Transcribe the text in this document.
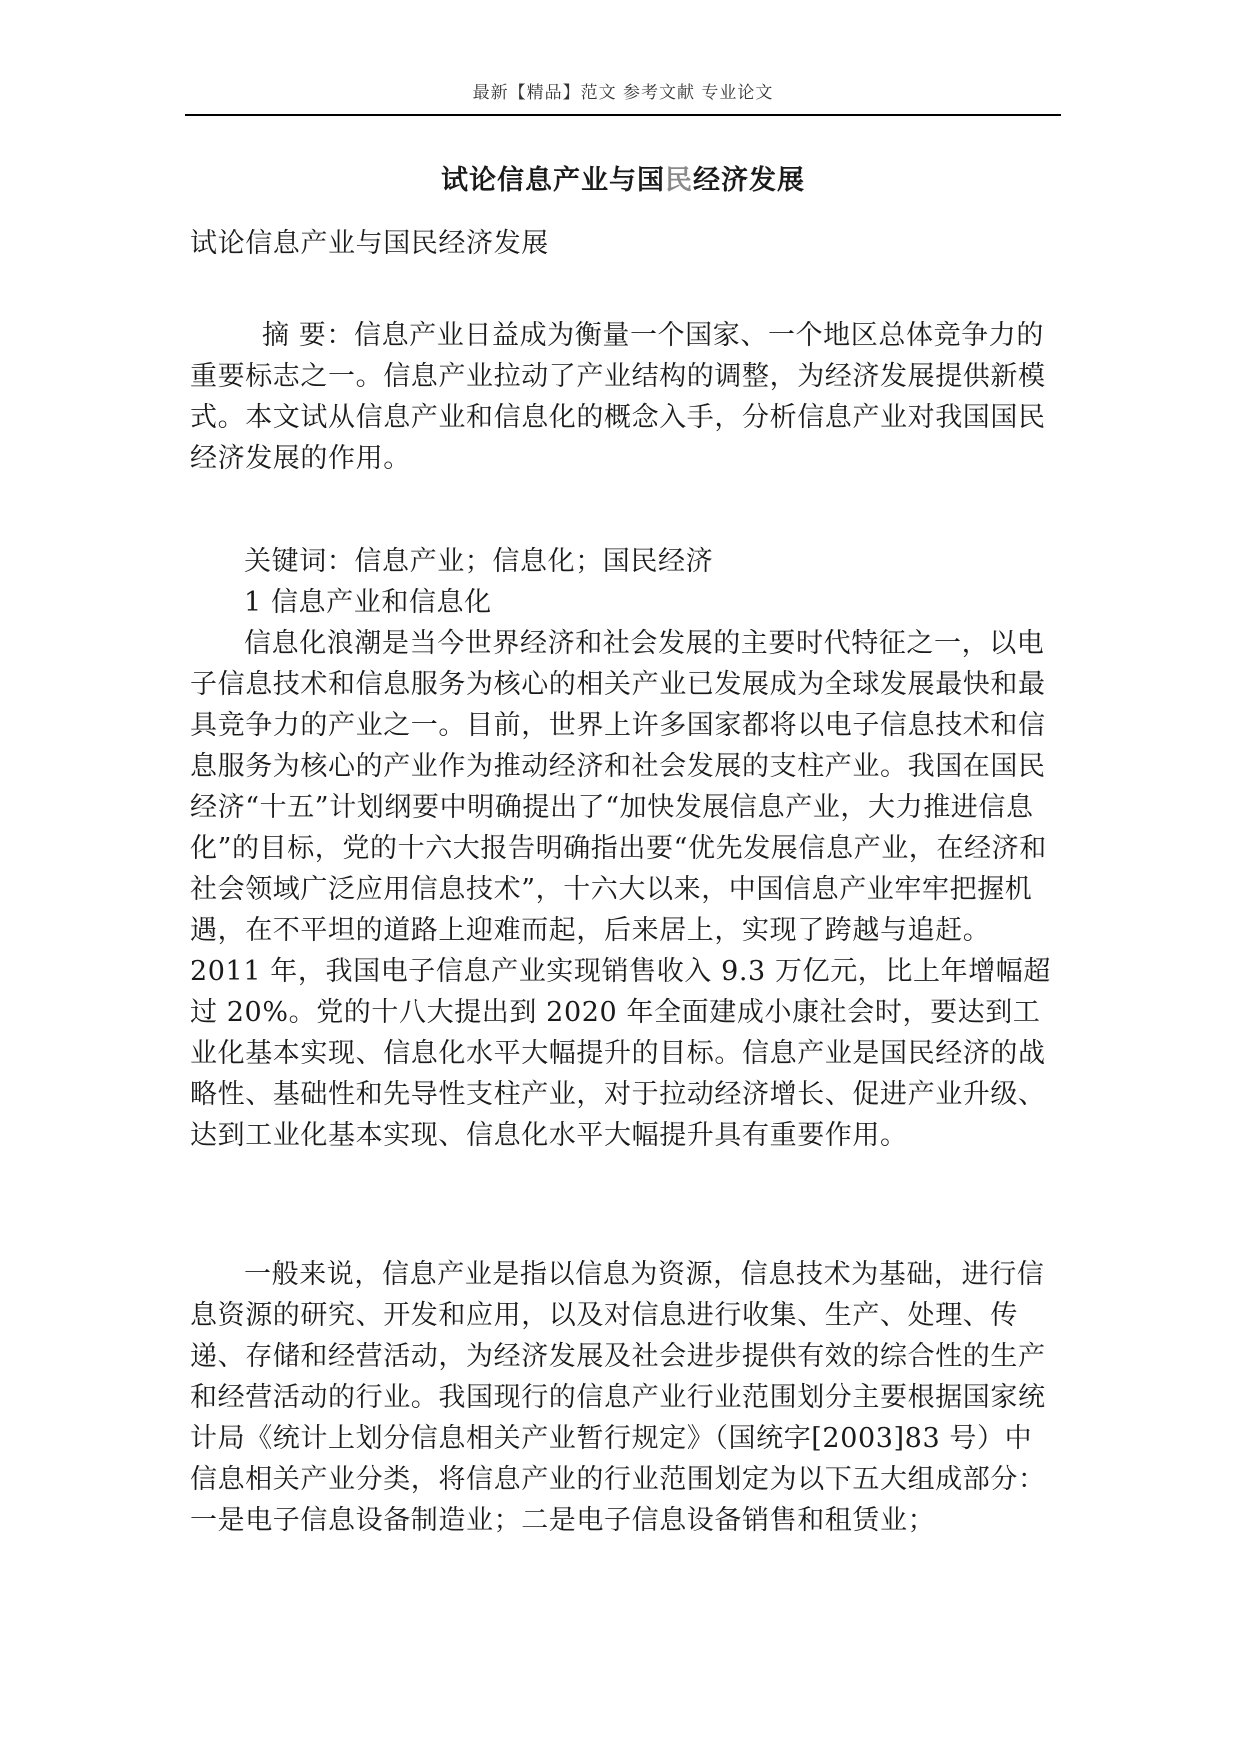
最新【精品】范文 参考文献 专业论文
试论信息产业与国民经济发展

试论信息产业与国民经济发展

摘 要：信息产业日益成为衡量一个国家、一个地区总体竞争力的重要标志之一。信息产业拉动了产业结构的调整，为经济发展提供新模式。本文试从信息产业和信息化的概念入手，分析信息产业对我国国民经济发展的作用。

关键词：信息产业；信息化；国民经济

1 信息产业和信息化

信息化浪潮是当今世界经济和社会发展的主要时代特征之一，以电子信息技术和信息服务为核心的相关产业已发展成为全球发展最快和最具竞争力的产业之一。目前，世界上许多国家都将以电子信息技术和信息服务为核心的产业作为推动经济和社会发展的支柱产业。我国在国民经济“十五”计划纲要中明确提出了“加快发展信息产业，大力推进信息化”的目标，党的十六大报告明确指出要“优先发展信息产业，在经济和社会领域广泛应用信息技术”，十六大以来，中国信息产业牢牢把握机遇，在不平坦的道路上迎难而起，后来居上，实现了跨越与追赶。2011 年，我国电子信息产业实现销售收入 9.3 万亿元，比上年增幅超过 20%。党的十八大提出到 2020 年全面建成小康社会时，要达到工业化基本实现、信息化水平大幅提升的目标。信息产业是国民经济的战略性、基础性和先导性支柱产业，对于拉动经济增长、促进产业升级、达到工业化基本实现、信息化水平大幅提升具有重要作用。

一般来说，信息产业是指以信息为资源，信息技术为基础，进行信息资源的研究、开发和应用，以及对信息进行收集、生产、处理、传递、存储和经营活动，为经济发展及社会进步提供有效的综合性的生产和经营活动的行业。我国现行的信息产业行业范围划分主要根据国家统计局《统计上划分信息相关产业暂行规定》（国统字[2003]83 号）中信息相关产业分类，将信息产业的行业范围划定为以下五大组成部分：一是电子信息设备制造业；二是电子信息设备销售和租赁业；
